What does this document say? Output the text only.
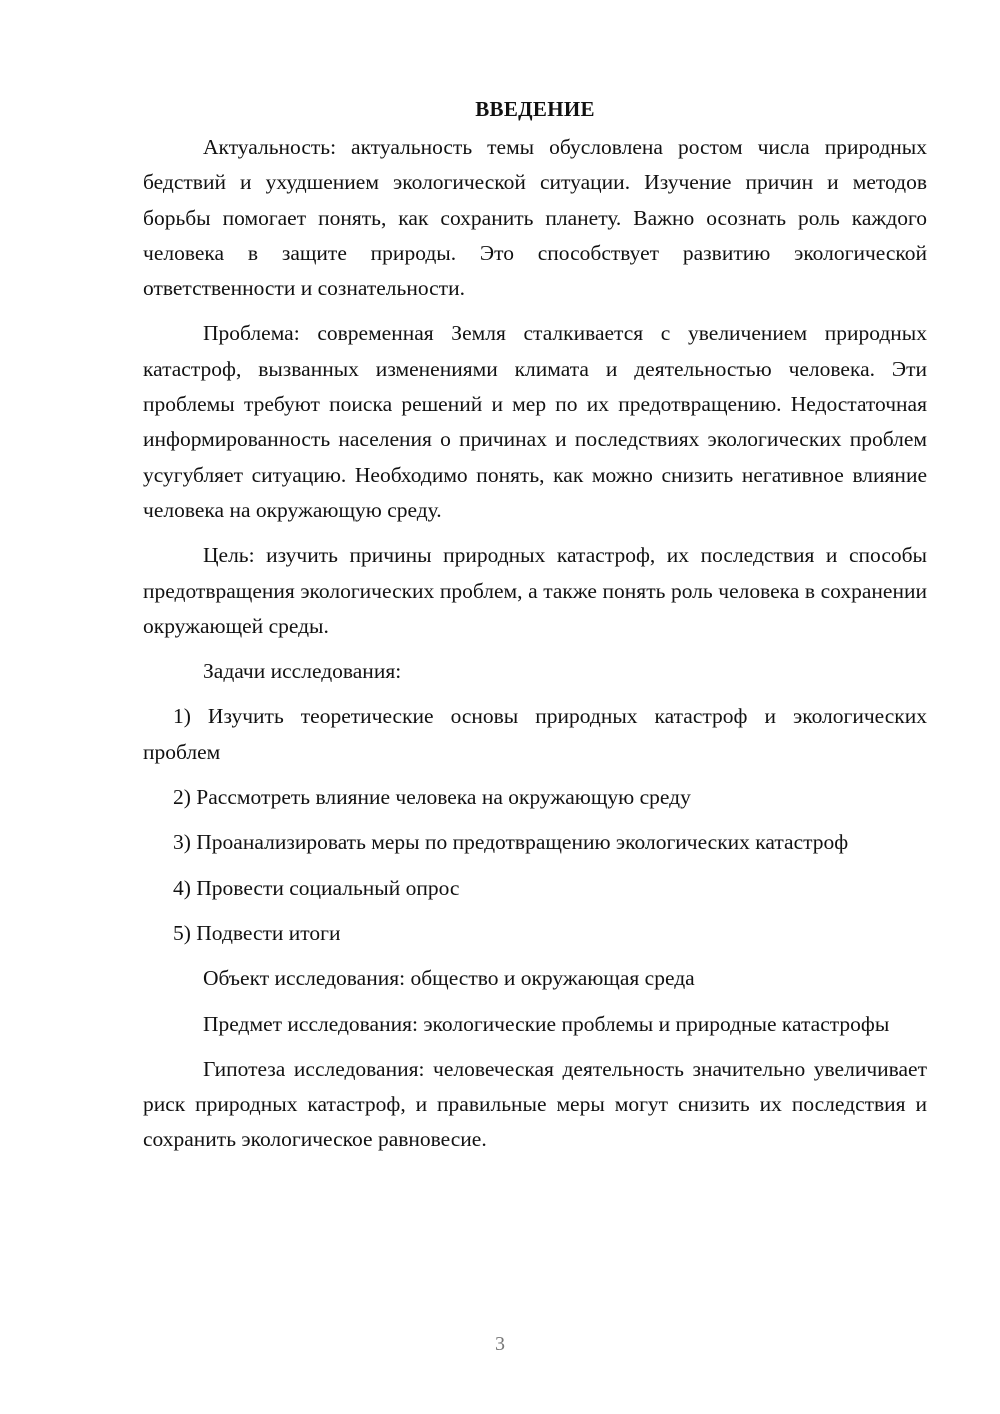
ВВЕДЕНИЕ

Актуальность: актуальность темы обусловлена ростом числа природных бедствий и ухудшением экологической ситуации. Изучение причин и методов борьбы помогает понять, как сохранить планету. Важно осознать роль каждого человека в защите природы. Это способствует развитию экологической ответственности и сознательности.

Проблема: современная Земля сталкивается с увеличением природных катастроф, вызванных изменениями климата и деятельностью человека. Эти проблемы требуют поиска решений и мер по их предотвращению. Недостаточная информированность населения о причинах и последствиях экологических проблем усугубляет ситуацию. Необходимо понять, как можно снизить негативное влияние человека на окружающую среду.

Цель: изучить причины природных катастроф, их последствия и способы предотвращения экологических проблем, а также понять роль человека в сохранении окружающей среды.

Задачи исследования:

1) Изучить теоретические основы природных катастроф и экологических проблем

2) Рассмотреть влияние человека на окружающую среду

3) Проанализировать меры по предотвращению экологических катастроф

4) Провести социальный опрос

5) Подвести итоги

Объект исследования: общество и окружающая среда

Предмет исследования: экологические проблемы и природные катастрофы

Гипотеза исследования: человеческая деятельность значительно увеличивает риск природных катастроф, и правильные меры могут снизить их последствия и сохранить экологическое равновесие.

3
